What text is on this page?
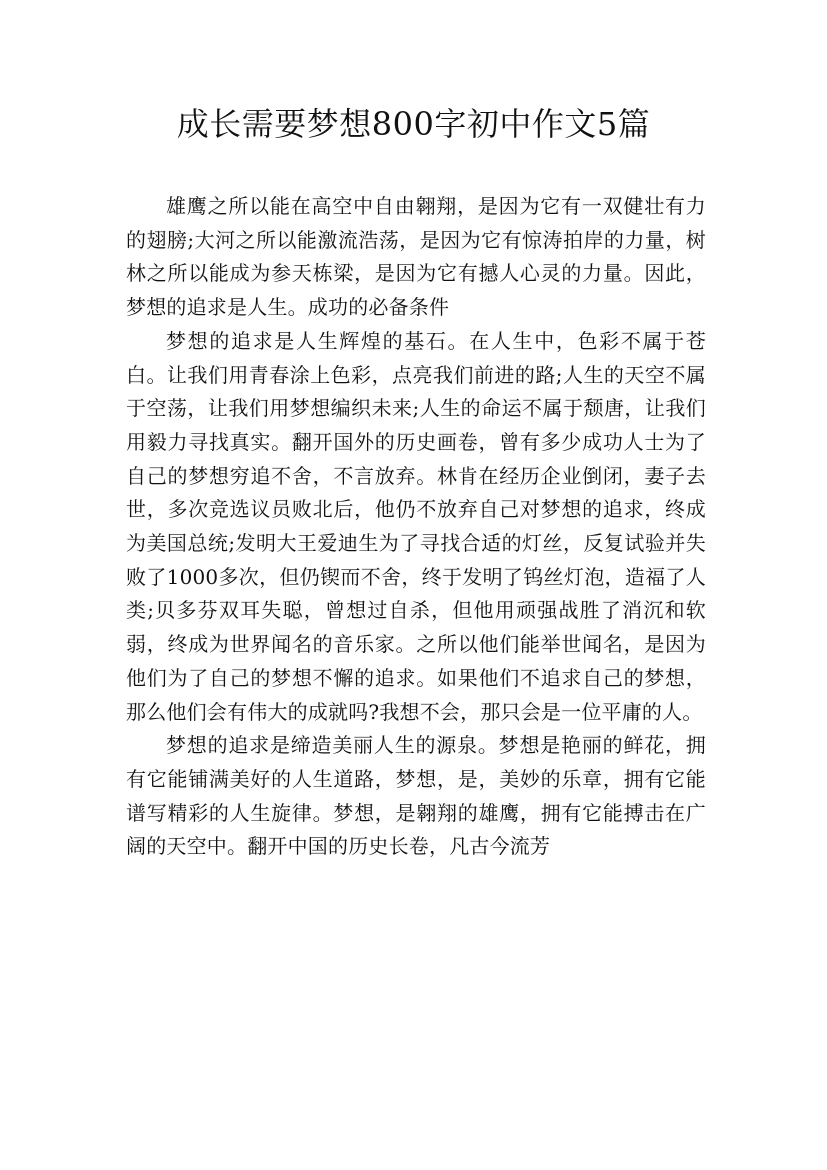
成长需要梦想800字初中作文5篇

雄鹰之所以能在高空中自由翱翔，是因为它有一双健壮有力的翅膀;大河之所以能激流浩荡，是因为它有惊涛拍岸的力量，树林之所以能成为参天栋梁，是因为它有撼人心灵的力量。因此，梦想的追求是人生。成功的必备条件

梦想的追求是人生辉煌的基石。在人生中，色彩不属于苍白。让我们用青春涂上色彩，点亮我们前进的路;人生的天空不属于空荡，让我们用梦想编织未来;人生的命运不属于颓唐，让我们用毅力寻找真实。翻开国外的历史画卷，曾有多少成功人士为了自己的梦想穷追不舍，不言放弃。林肯在经历企业倒闭，妻子去世，多次竞选议员败北后，他仍不放弃自己对梦想的追求，终成为美国总统;发明大王爱迪生为了寻找合适的灯丝，反复试验并失败了1000多次，但仍锲而不舍，终于发明了钨丝灯泡，造福了人类;贝多芬双耳失聪，曾想过自杀，但他用顽强战胜了消沉和软弱，终成为世界闻名的音乐家。之所以他们能举世闻名，是因为他们为了自己的梦想不懈的追求。如果他们不追求自己的梦想，那么他们会有伟大的成就吗?我想不会，那只会是一位平庸的人。

梦想的追求是缔造美丽人生的源泉。梦想是艳丽的鲜花，拥有它能铺满美好的人生道路，梦想，是，美妙的乐章，拥有它能谱写精彩的人生旋律。梦想，是翱翔的雄鹰，拥有它能搏击在广阔的天空中。翻开中国的历史长卷，凡古今流芳
